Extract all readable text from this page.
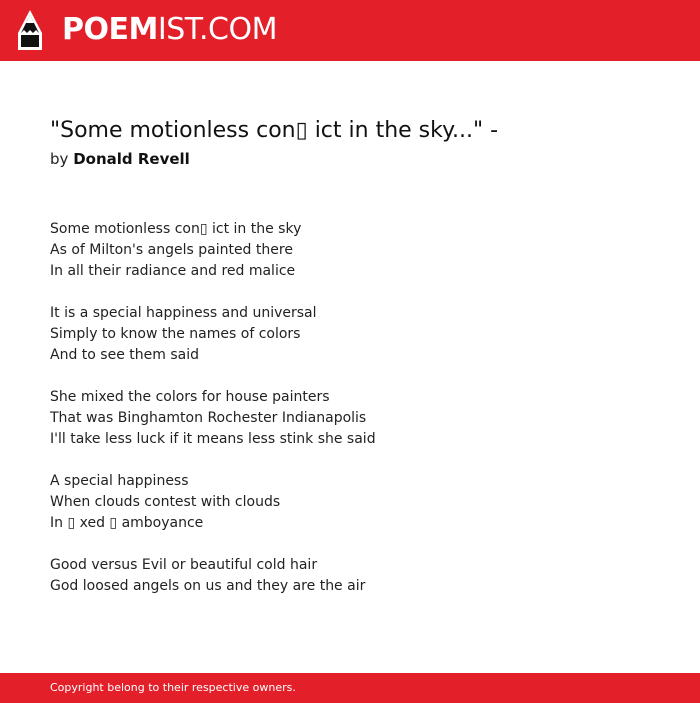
POEMIST.COM
"Some motionless con▯ ict in the sky..." -
by Donald Revell
Some motionless con▯ ict in the sky
As of Milton's angels painted there
In all their radiance and red malice
It is a special happiness and universal
Simply to know the names of colors
And to see them said
She mixed the colors for house painters
That was Binghamton Rochester Indianapolis
I'll take less luck if it means less stink she said
A special happiness
When clouds contest with clouds
In ▯ xed ▯ amboyance
Good versus Evil or beautiful cold hair
God loosed angels on us and they are the air
Copyright belong to their respective owners.
